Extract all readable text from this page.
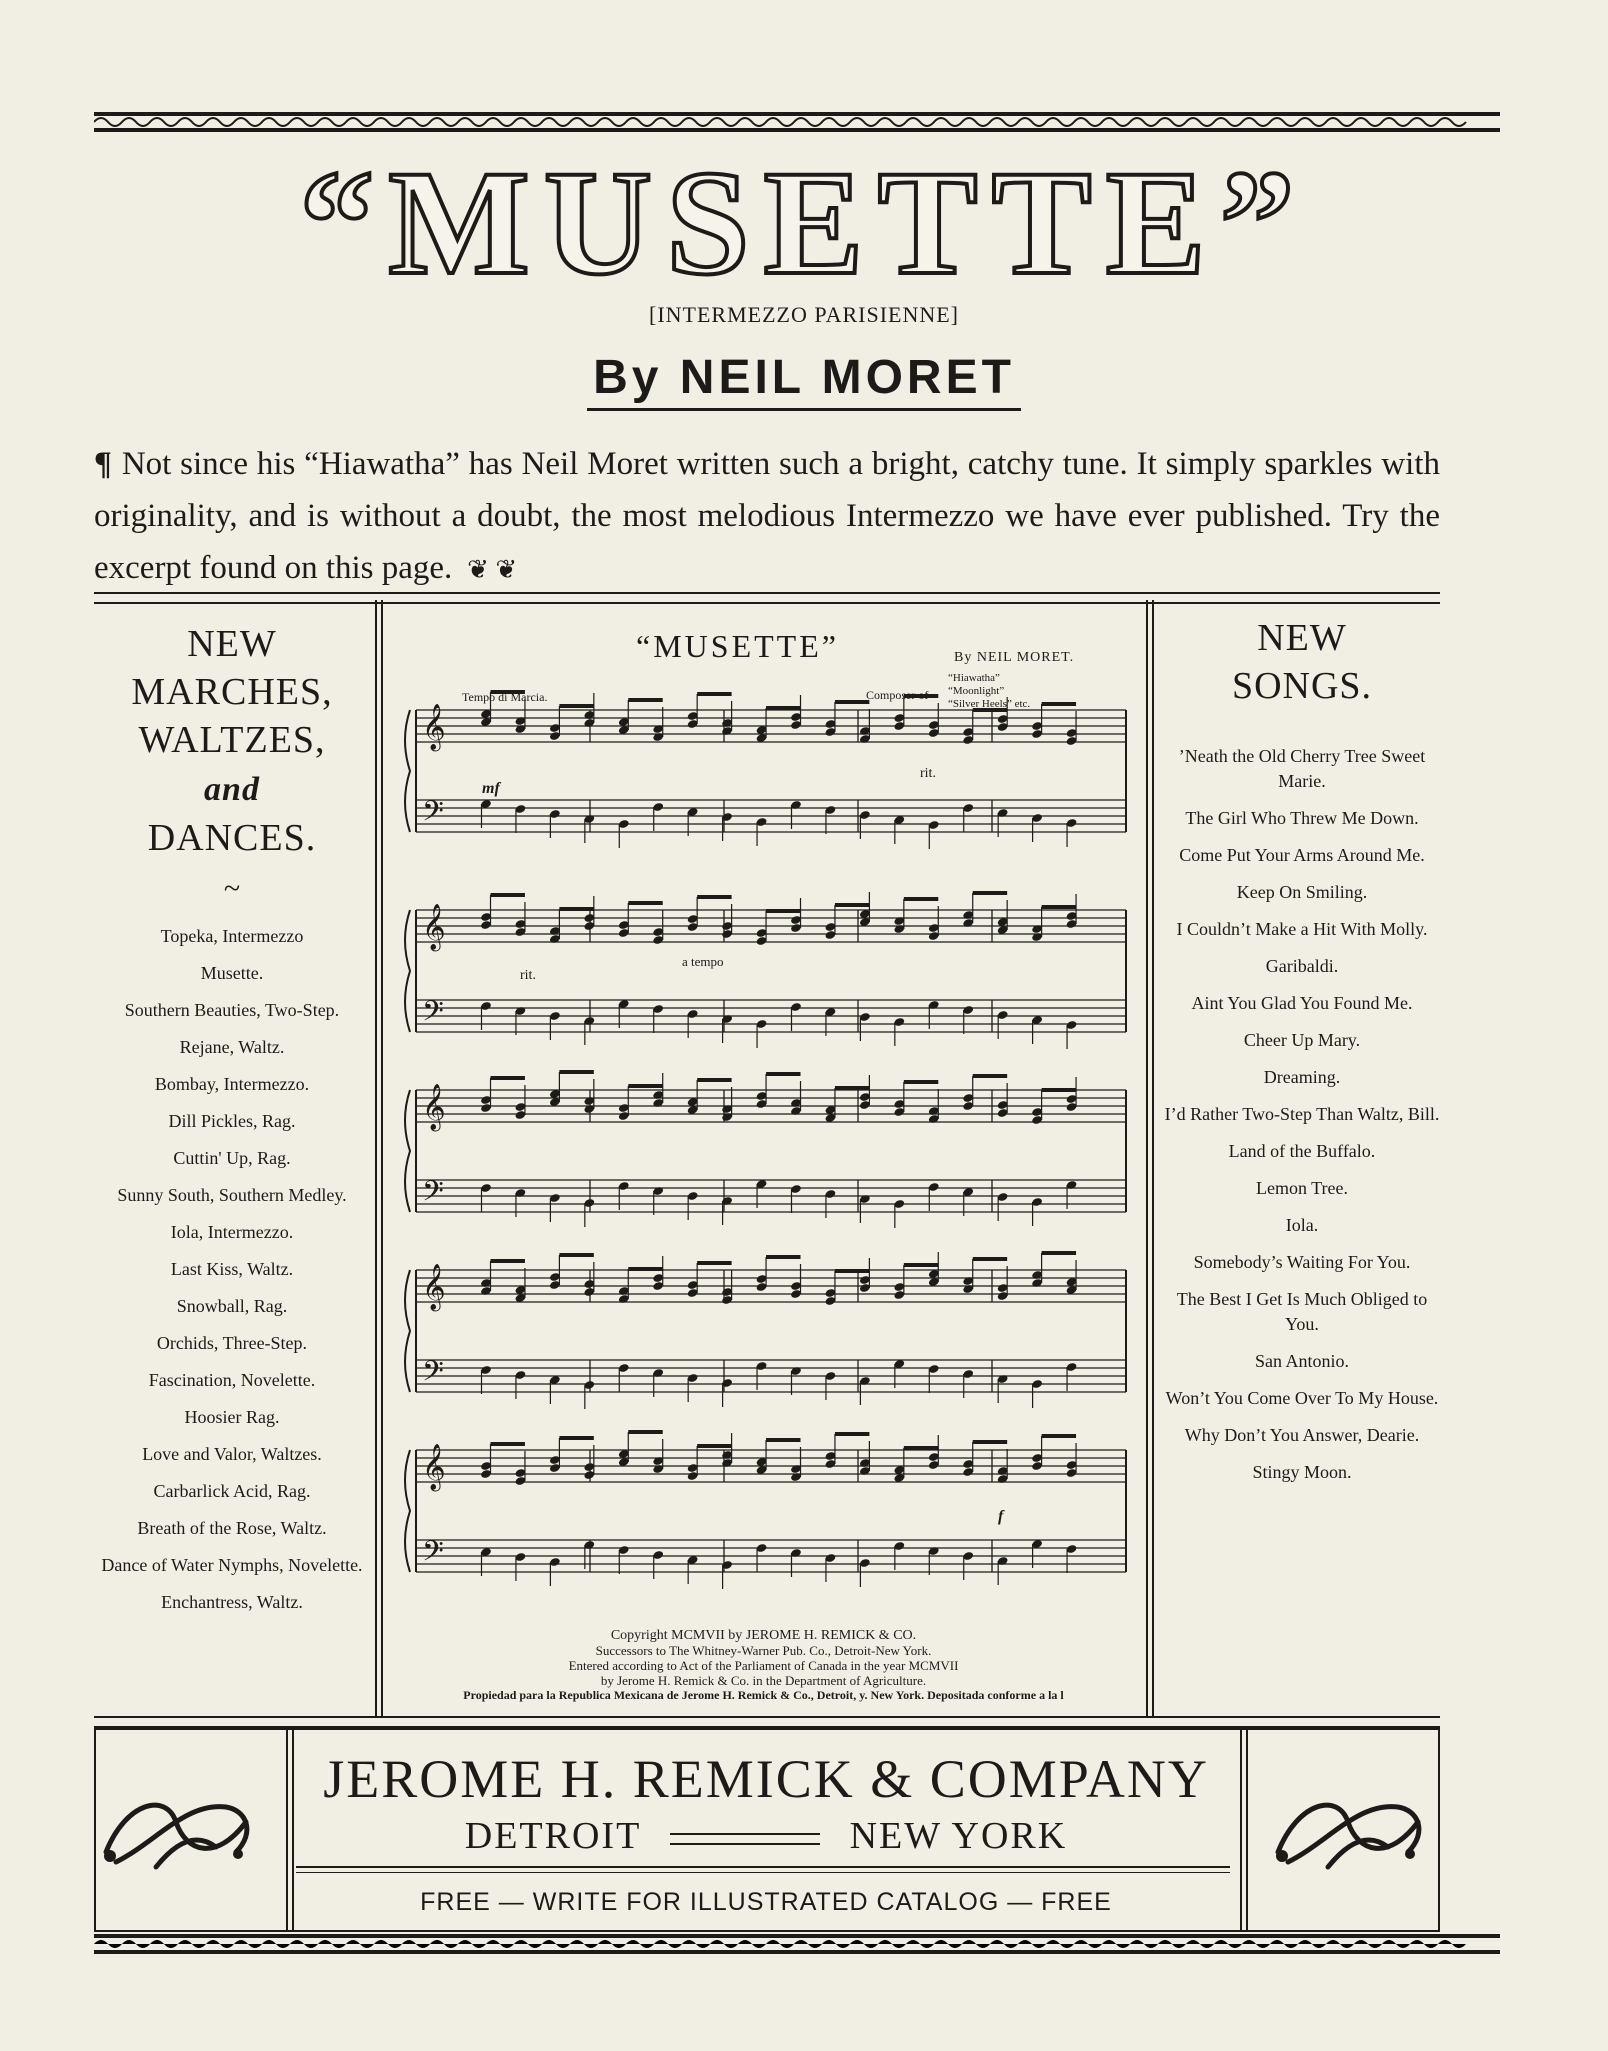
“MUSETTE”
[INTERMEZZO PARISIENNE]
By NEIL MORET
¶ Not since his “Hiawatha” has Neil Moret written such a bright, catchy tune. It simply sparkles with originality, and is without a doubt, the most melodious Intermezzo we have ever published. Try the excerpt found on this page.  ❦ ❦
NEW
MARCHES,
WALTZES,
and
DANCES.
~
Topeka, Intermezzo
Musette.
Southern Beauties, Two-Step.
Rejane, Waltz.
Bombay, Intermezzo.
Dill Pickles, Rag.
Cuttin' Up, Rag.
Sunny South, Southern Medley.
Iola, Intermezzo.
Last Kiss, Waltz.
Snowball, Rag.
Orchids, Three-Step.
Fascination, Novelette.
Hoosier Rag.
Love and Valor, Waltzes.
Carbarlick Acid, Rag.
Breath of the Rose, Waltz.
Dance of Water Nymphs, Novelette.
Enchantress, Waltz.
“MUSETTE”	By NEIL MORET.
Composer of
“Hiawatha”
“Moonlight”
“Silver Heels” etc.
Tempo di Marcia.
mf
rit.
rit.
a tempo
f
𝄞
𝄢
𝄞
𝄢
𝄞
𝄢
𝄞
𝄢
𝄞
𝄢
Copyright MCMVII by JEROME H. REMICK & CO.
Successors to The Whitney-Warner Pub. Co., Detroit-New York.
Entered according to Act of the Parliament of Canada in the year MCMVII
by Jerome H. Remick & Co. in the Department of Agriculture.
Propiedad para la Republica Mexicana de Jerome H. Remick & Co., Detroit, y. New York. Depositada conforme a la l
NEW
SONGS.
’Neath the Old Cherry Tree Sweet Marie.
The Girl Who Threw Me Down.
Come Put Your Arms Around Me.
Keep On Smiling.
I Couldn’t Make a Hit With Molly.
Garibaldi.
Aint You Glad You Found Me.
Cheer Up Mary.
Dreaming.
I’d Rather Two-Step Than Waltz, Bill.
Land of the Buffalo.
Lemon Tree.
Iola.
Somebody’s Waiting For You.
The Best I Get Is Much Obliged to You.
San Antonio.
Won’t You Come Over To My House.
Why Don’t You Answer, Dearie.
Stingy Moon.
JEROME H. REMICK & COMPANY
DETROIT	NEW YORK
FREE — WRITE FOR ILLUSTRATED CATALOG — FREE
